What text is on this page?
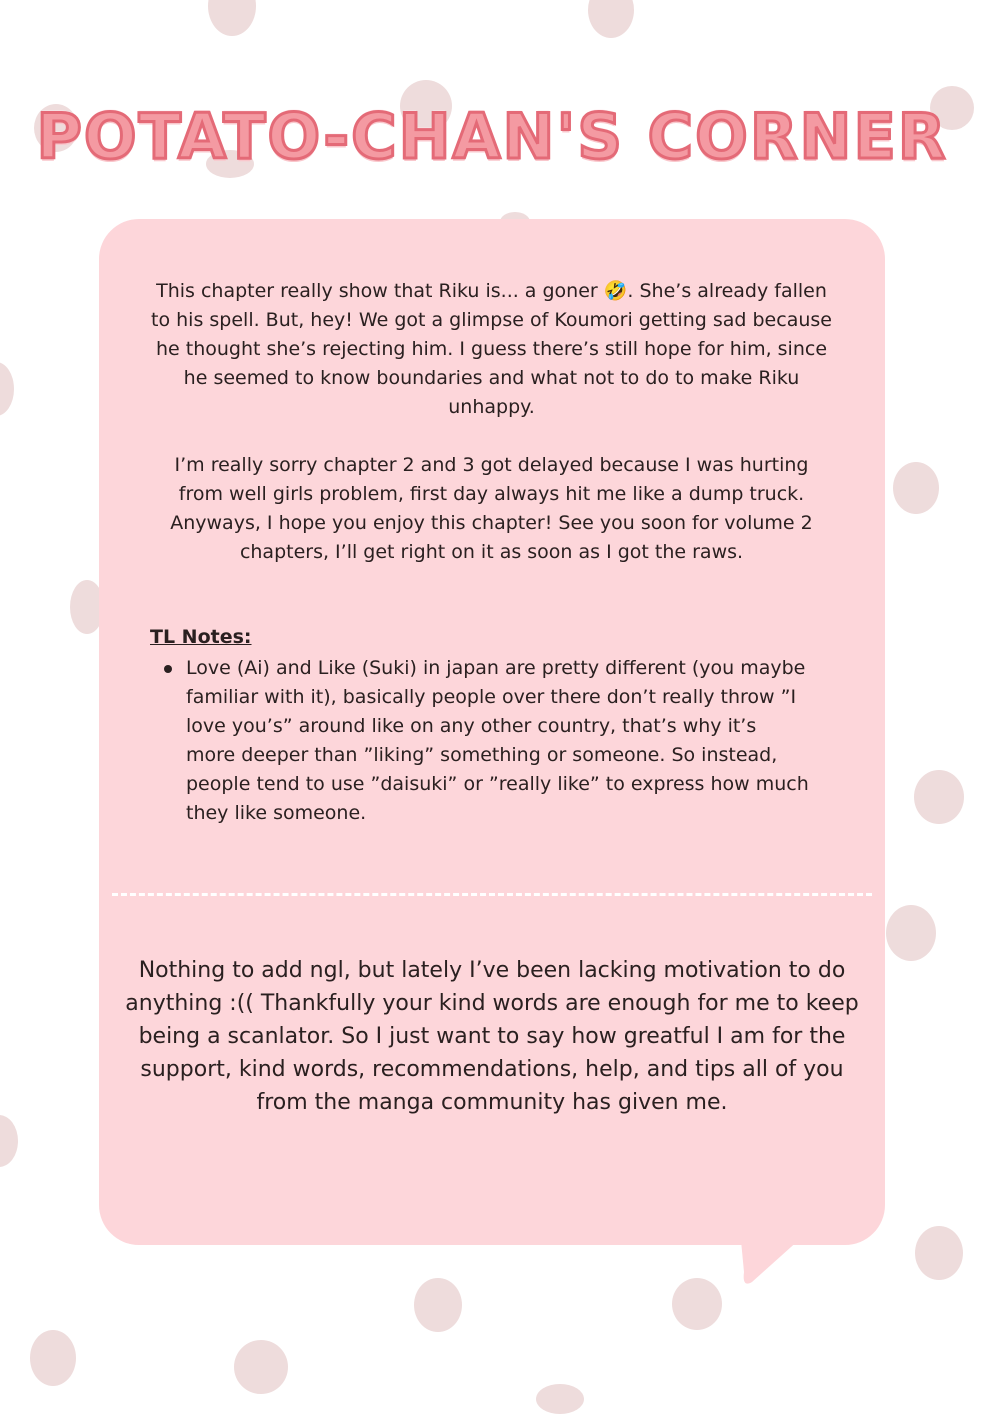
POTATO-CHAN'S CORNER

This chapter really show that Riku is... a goner 🤣. She’s already fallen to his spell. But, hey! We got a glimpse of Koumori getting sad because he thought she’s rejecting him. I guess there’s still hope for him, since he seemed to know boundaries and what not to do to make Riku unhappy.

I’m really sorry chapter 2 and 3 got delayed because I was hurting from well girls problem, first day always hit me like a dump truck. Anyways, I hope you enjoy this chapter! See you soon for volume 2 chapters, I’ll get right on it as soon as I got the raws.

TL Notes:

Love (Ai) and Like (Suki) in japan are pretty different (you maybe familiar with it), basically people over there don’t really throw ”I love you’s” around like on any other country, that’s why it’s more deeper than ”liking” something or someone. So instead, people tend to use ”daisuki” or ”really like” to express how much they like someone.

Nothing to add ngl, but lately I’ve been lacking motivation to do anything :(( Thankfully your kind words are enough for me to keep being a scanlator. So I just want to say how greatful I am for the support, kind words, recommendations, help, and tips all of you from the manga community has given me.
